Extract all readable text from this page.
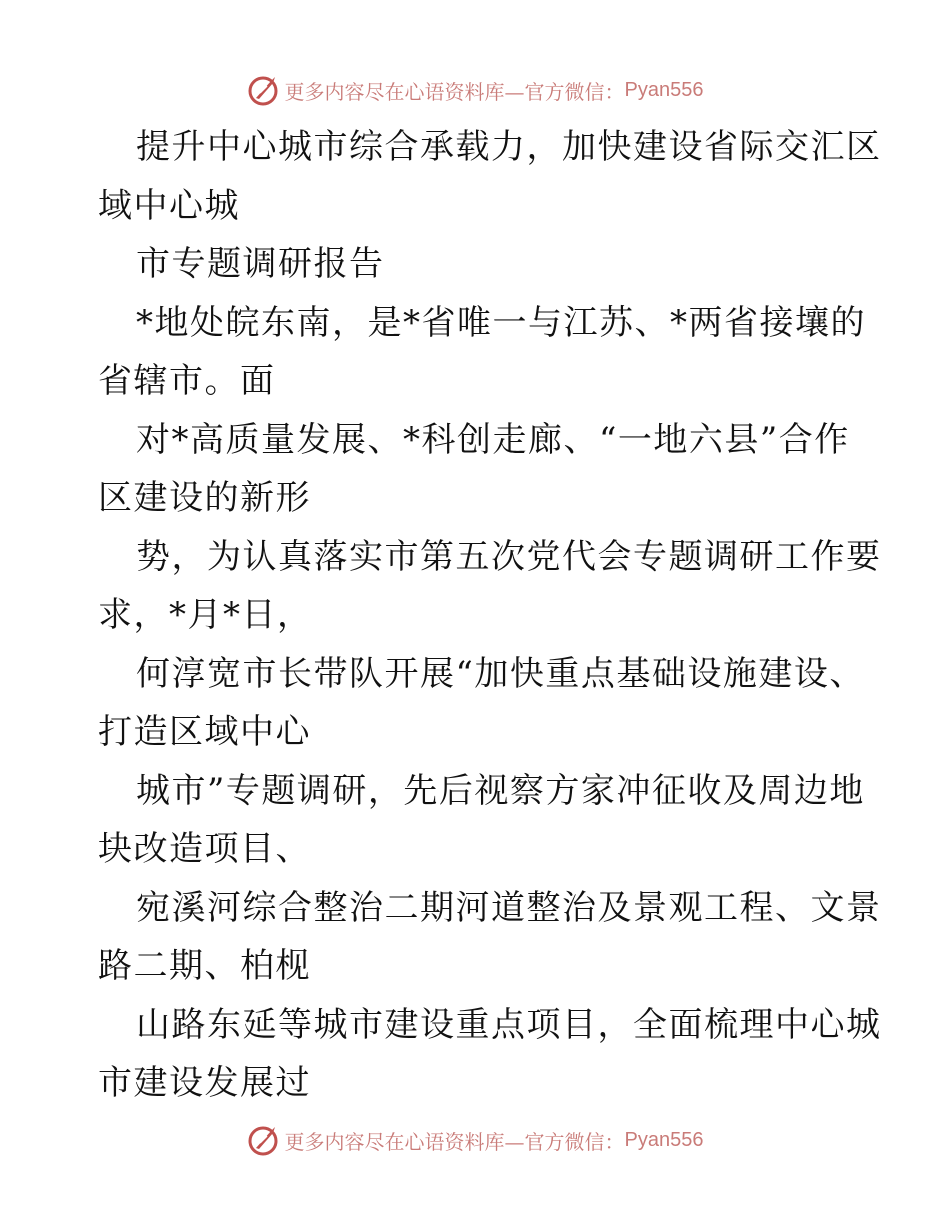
更多内容尽在心语资料库—官方微信： Pyan556
提升中心城市综合承载力，加快建设省际交汇区
域中心城
市专题调研报告
*地处皖东南，是*省唯一与江苏、*两省接壤的
省辖市。面
对*高质量发展、*科创走廊、“一地六县”合作
区建设的新形
势，为认真落实市第五次党代会专题调研工作要
求，*月*日，
何淳宽市长带队开展“加快重点基础设施建设、
打造区域中心
城市”专题调研，先后视察方家冲征收及周边地
块改造项目、
宛溪河综合整治二期河道整治及景观工程、文景
路二期、柏枧
山路东延等城市建设重点项目，全面梳理中心城
市建设发展过
更多内容尽在心语资料库—官方微信： Pyan556
